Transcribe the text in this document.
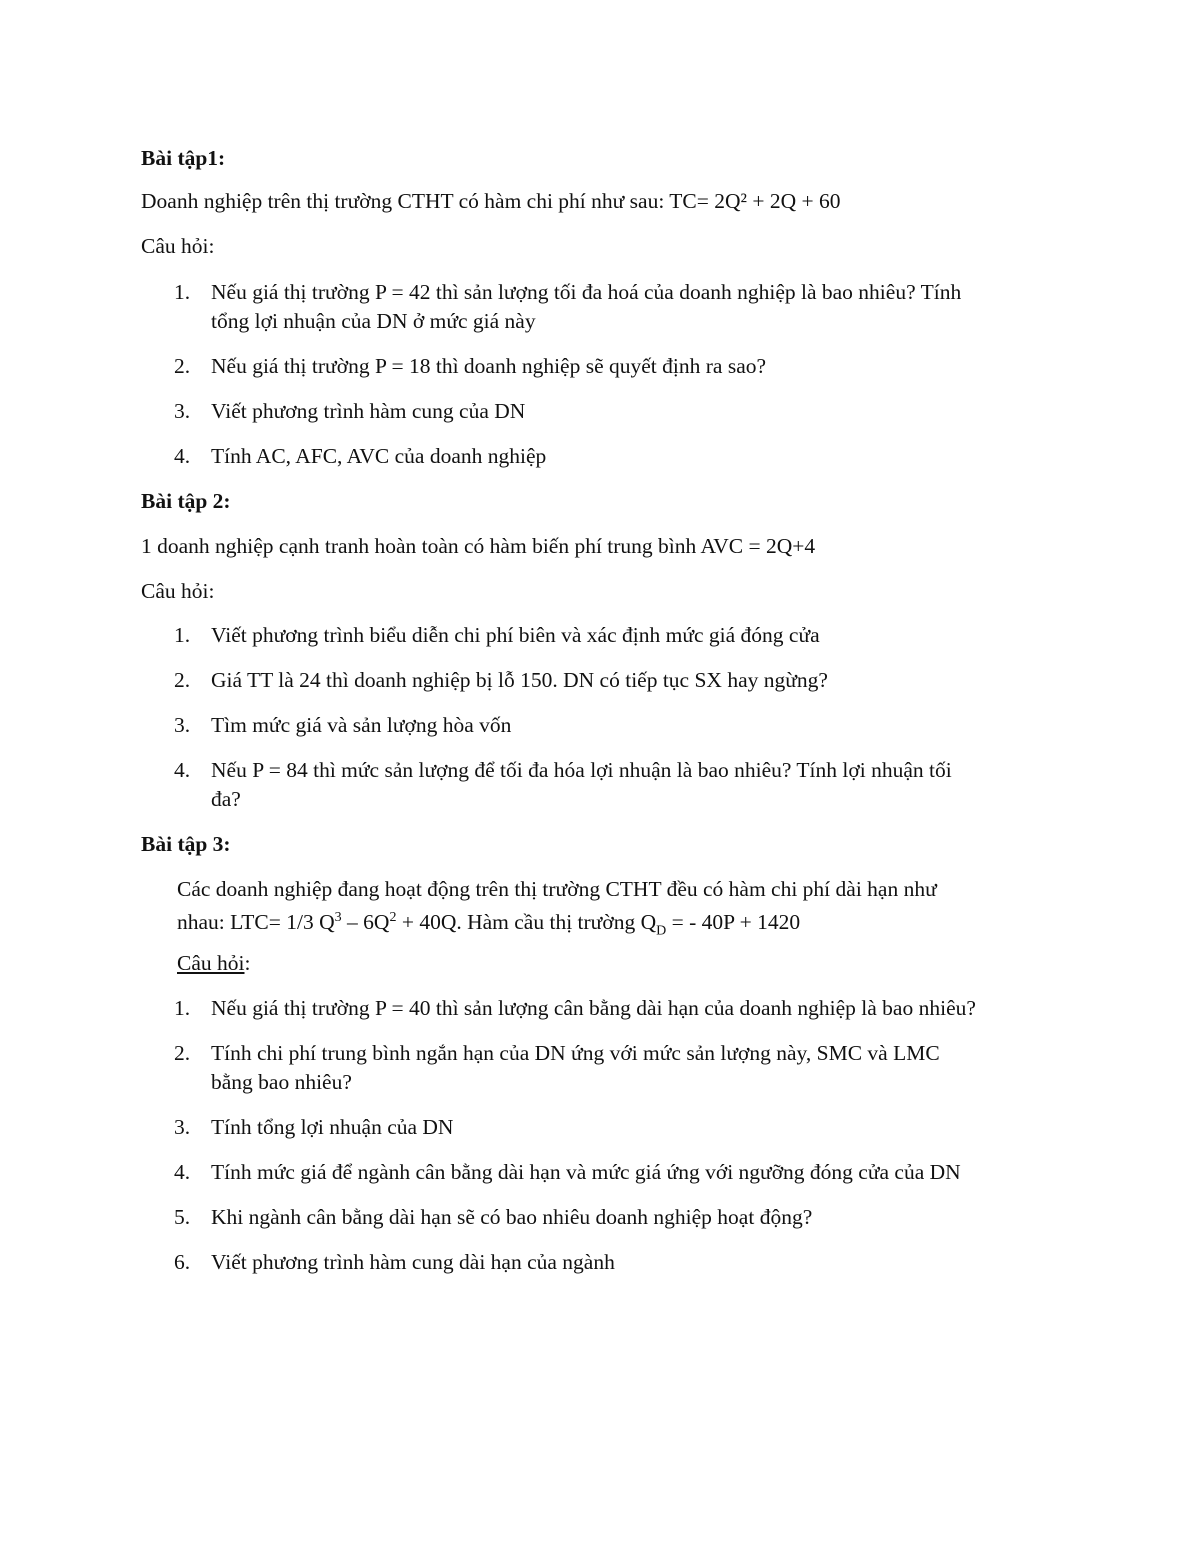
Bài tập1:
Doanh nghiệp trên thị trường CTHT có hàm chi phí như sau: TC= 2Q² + 2Q + 60
Câu hỏi:
1. Nếu giá thị trường P = 42 thì sản lượng tối đa hoá của doanh nghiệp là bao nhiêu? Tính
tổng lợi nhuận của DN ở mức giá này
2. Nếu giá thị trường P = 18 thì doanh nghiệp sẽ quyết định ra sao?
3. Viết phương trình hàm cung của DN
4. Tính AC, AFC, AVC của doanh nghiệp
Bài tập 2:
1 doanh nghiệp cạnh tranh hoàn toàn có hàm biến phí trung bình AVC = 2Q+4
Câu hỏi:
1. Viết phương trình biểu diễn chi phí biên và xác định mức giá đóng cửa
2. Giá TT là 24 thì doanh nghiệp bị lỗ 150. DN có tiếp tục SX hay ngừng?
3. Tìm mức giá và sản lượng hòa vốn
4. Nếu P = 84 thì mức sản lượng để tối đa hóa lợi nhuận là bao nhiêu? Tính lợi nhuận tối
đa?
Bài tập 3:
Các doanh nghiệp đang hoạt động trên thị trường CTHT đều có hàm chi phí dài hạn như
nhau: LTC= 1/3 $Q^3 - 6Q^2 + 40Q$. Hàm cầu thị trường $Q_D$ = - 40P + 1420
Câu hỏi:
1. Nếu giá thị trường P = 40 thì sản lượng cân bằng dài hạn của doanh nghiệp là bao nhiêu?
2. Tính chi phí trung bình ngắn hạn của DN ứng với mức sản lượng này, SMC và LMC
bằng bao nhiêu?
3. Tính tổng lợi nhuận của DN
4. Tính mức giá để ngành cân bằng dài hạn và mức giá ứng với ngưỡng đóng cửa của DN
5. Khi ngành cân bằng dài hạn sẽ có bao nhiêu doanh nghiệp hoạt động?
6. Viết phương trình hàm cung dài hạn của ngành
